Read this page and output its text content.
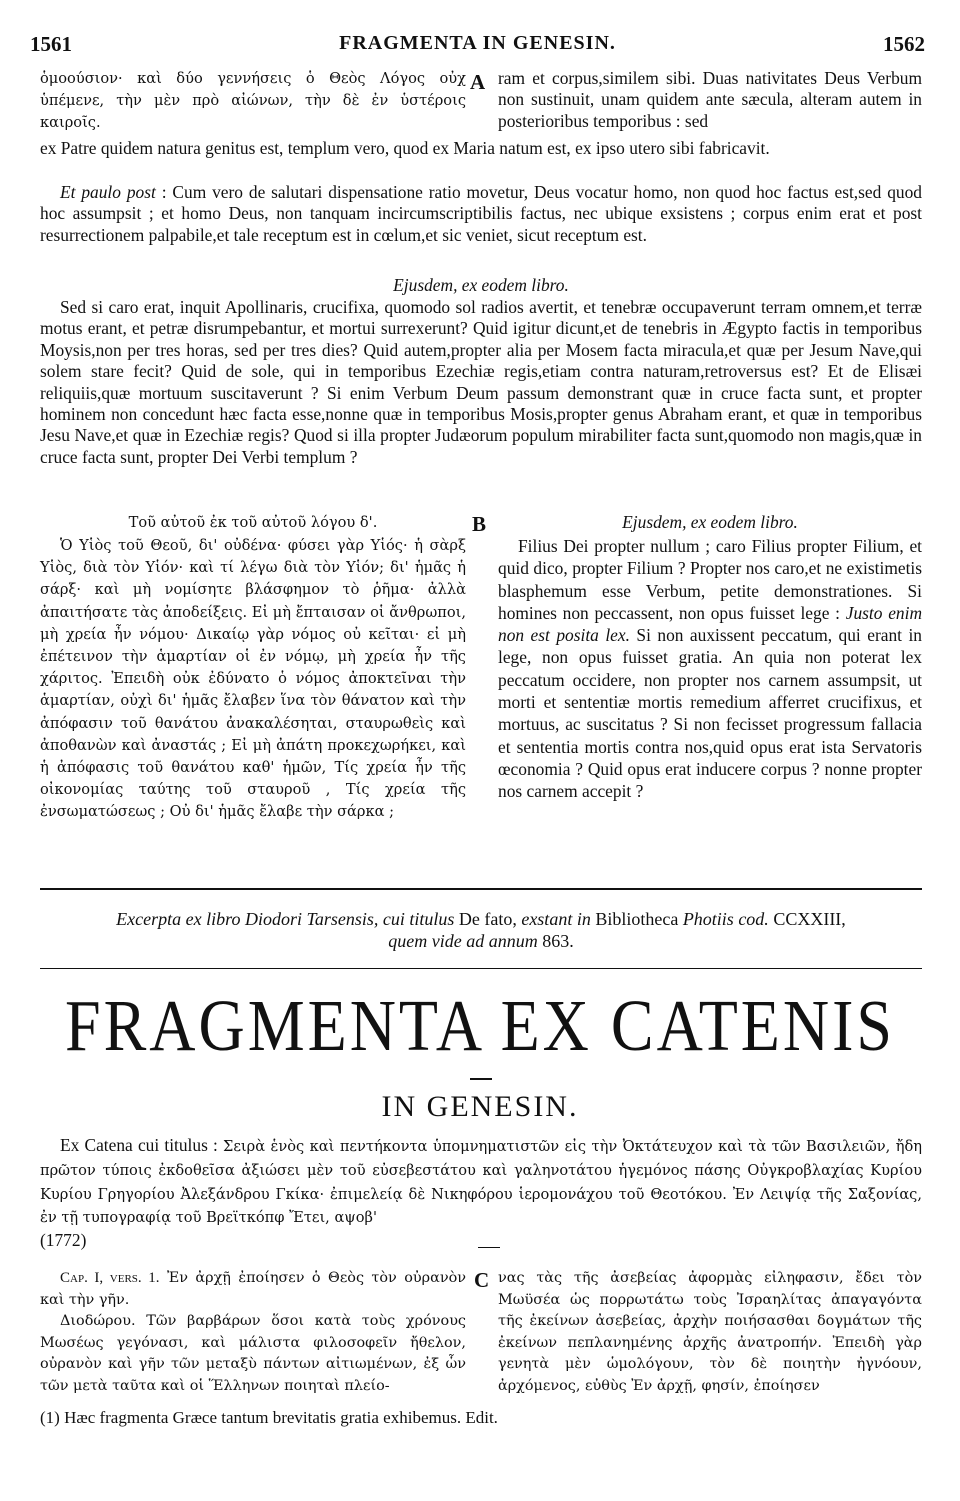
1561	FRAGMENTA IN GENESIN.	1562
ὁμοούσιον· καὶ δύο γεννήσεις ὁ Θεὸς Λόγος οὐχ ὑπέμενε, τὴν μὲν πρὸ αἰώνων, τὴν δὲ ἐν ὑστέροις καιροῖς.
A ram et corpus,similem sibi. Duas nativitates Deus Verbum non sustinuit, unam quidem ante sæcula, alteram autem in posterioribus temporibus : sed
ex Patre quidem natura genitus est, templum vero, quod ex Maria natum est, ex ipso utero sibi fabricavit.
Et paulo post : Cum vero de salutari dispensatione ratio movetur, Deus vocatur homo, non quod hoc factus est,sed quod hoc assumpsit ; et homo Deus, non tanquam incircumscriptibilis factus, nec ubique exsistens ; corpus enim erat et post resurrectionem palpabile,et tale receptum est in cœlum,et sic veniet, sicut receptum est.
Ejusdem, ex eodem libro.
Sed si caro erat, inquit Apollinaris, crucifixa, quomodo sol radios avertit, et tenebræ occupaverunt terram omnem,et terræ motus erant, et petræ disrumpebantur, et mortui surrexerunt? Quid igitur dicunt,et de tenebris in Ægypto factis in temporibus Moysis,non per tres horas, sed per tres dies? Quid autem,propter alia per Mosem facta miracula,et quæ per Jesum Nave,qui solem stare fecit? Quid de sole, qui in temporibus Ezechiæ regis,etiam contra naturam,retroversus est? Et de Elisæi reliquiis,quæ mortuum suscitaverunt ? Si enim Verbum Deum passum demonstrant quæ in cruce facta sunt, et propter hominem non concedunt hæc facta esse,nonne quæ in temporibus Mosis,propter genus Abraham erant, et quæ in temporibus Jesu Nave,et quæ in Ezechiæ regis? Quod si illa propter Judæorum populum mirabiliter facta sunt,quomodo non magis,quæ in cruce facta sunt, propter Dei Verbi templum ?
Τοῦ αὐτοῦ ἐκ τοῦ αὐτοῦ λόγου δ'.	B	Ejusdem, ex eodem libro.
Ὁ Υἱὸς τοῦ Θεοῦ, δι' οὐδένα· φύσει γὰρ Υἱός· ἡ σὰρξ Υἱὸς, διὰ τὸν Υἱόν· καὶ τί λέγω διὰ τὸν Υἱόν; δι' ἡμᾶς ἡ σάρξ· καὶ μὴ νομίσητε βλάσφημον τὸ ῥῆμα· ἀλλὰ ἀπαιτήσατε τὰς ἀποδείξεις. Εἰ μὴ ἔπταισαν οἱ ἄνθρωποι, μὴ χρεία ἦν νόμου· Δικαίῳ γὰρ νόμος οὐ κεῖται· εἰ μὴ ἐπέτεινον τὴν ἁμαρτίαν οἱ ἐν νόμῳ, μὴ χρεία ἦν τῆς χάριτος. Ἐπειδὴ οὐκ ἐδύνατο ὁ νόμος ἀποκτεῖναι τὴν ἁμαρτίαν, οὐχὶ δι' ἡμᾶς ἔλαβεν ἵνα τὸν θάνατον καὶ τὴν ἀπόφασιν τοῦ θανάτου ἀνακαλέσηται, σταυρωθεὶς καὶ ἀποθανὼν καὶ ἀναστάς ; Εἰ μὴ ἀπάτη προκεχωρήκει, καὶ ἡ ἀπόφασις τοῦ θανάτου καθ' ἡμῶν, Τίς χρεία ἦν τῆς οἰκονομίας ταύτης τοῦ σταυροῦ , Τίς χρεία τῆς ἐνσωματώσεως ; Οὐ δι' ἡμᾶς ἔλαβε τὴν σάρκα ;
Filius Dei propter nullum ; caro Filius propter Filium, et quid dico, propter Filium ? Propter nos caro,et ne existimetis blasphemum esse Verbum, petite demonstrationes. Si homines non peccassent, non opus fuisset lege : Justo enim non est posita lex. Si non auxissent peccatum, qui erant in lege, non opus fuisset gratia. An quia non poterat lex peccatum occidere, non propter nos carnem assumpsit, ut morti et sententiæ mortis remedium afferret crucifixus, et mortuus, ac suscitatus ? Si non fecisset progressum fallacia et sententia mortis contra nos,quid opus erat ista Servatoris œconomia ? Quid opus erat inducere corpus ? nonne propter nos carnem accepit ?
Excerpta ex libro Diodori Tarsensis, cui titulus De fato, exstant in Bibliotheca Photiis cod. CCXXIII,
quem vide ad annum 863.
FRAGMENTA EX CATENIS
IN GENESIN.
Ex Catena cui titulus : Σειρὰ ἑνὸς καὶ πεντήκοντα ὑπομνηματιστῶν εἰς τὴν Ὀκτάτευχον καὶ τὰ τῶν Βασιλειῶν, ἤδη πρῶτον τύποις ἐκδοθεῖσα ἀξιώσει μὲν τοῦ εὐσεβεστάτου καὶ γαληνοτάτου ἡγεμόνος πάσης Οὐγκροβλαχίας Κυρίου Κυρίου Γρηγορίου Ἀλεξάνδρου Γκίκα· ἐπιμελείᾳ δὲ Νικηφόρου ἱερομονάχου τοῦ Θεοτόκου. Ἐν Λειψίᾳ τῆς Σαξονίας, ἐν τῇ τυπογραφίᾳ τοῦ Βρεϊτκόπφ Ἔτει, αψοβ'
(1772)

Cap. I, vers. 1. Ἐν ἀρχῇ ἐποίησεν ὁ Θεὸς τὸν οὐρανὸν καὶ τὴν γῆν.

Διοδώρου. Τῶν βαρβάρων ὅσοι κατὰ τοὺς χρόνους Μωσέως γεγόνασι, καὶ μάλιστα φιλοσοφεῖν ἤθελον, οὐρανὸν καὶ γῆν τῶν μεταξὺ πάντων αἰτιωμένων, ἐξ ὧν τῶν μετὰ ταῦτα καὶ οἱ Ἕλληνων ποιηταὶ πλείο-

C νας τὰς τῆς ἀσεβείας ἀφορμὰς εἰληφασιν, ἔδει τὸν Μωϋσέα ὡς πορρωτάτω τοὺς Ἰσραηλίτας ἀπαγαγόντα τῆς ἐκείνων ἀσεβείας, ἀρχὴν ποιήσασθαι δογμάτων τῆς ἐκείνων πεπλανημένης ἀρχῆς ἀνατροπήν. Ἐπειδὴ γὰρ γενητὰ μὲν ὡμολόγουν, τὸν δὲ ποιητὴν ἠγνόουν, ἀρχόμενος, εὐθὺς Ἐν ἀρχῇ, φησίν, ἐποίησεν
(1) Hæc fragmenta Græce tantum brevitatis gratia exhibemus. Edit.
